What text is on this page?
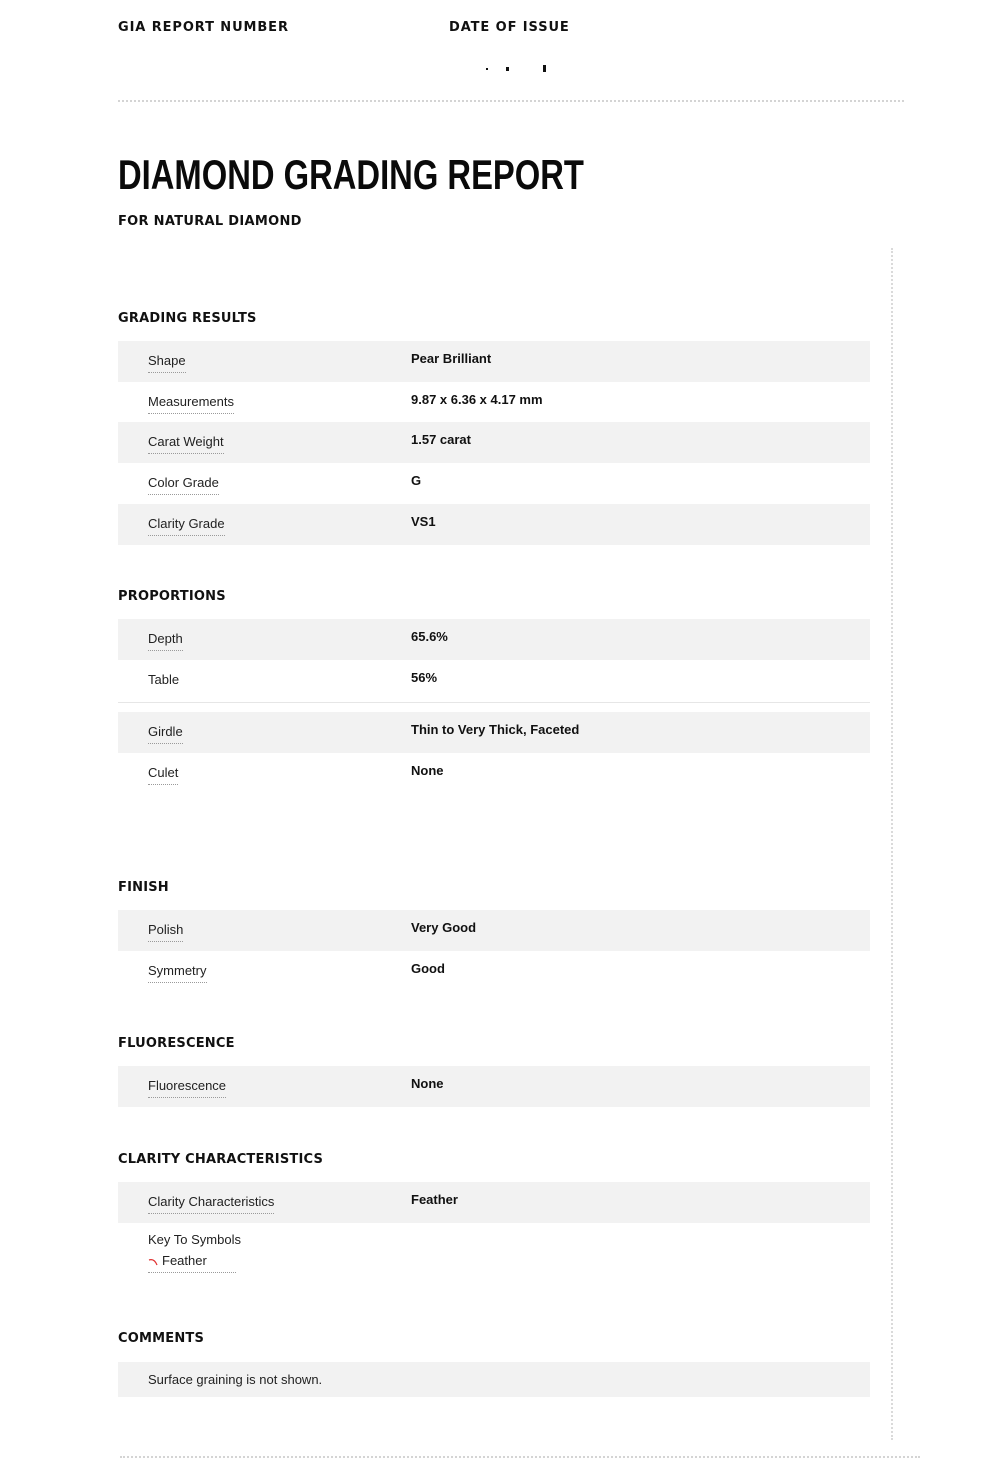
GIA REPORT NUMBER	DATE OF ISSUE

DIAMOND GRADING REPORT
FOR NATURAL DIAMOND
GRADING RESULTS
Shape	Pear Brilliant
Measurements	9.87 x 6.36 x 4.17 mm
Carat Weight	1.57 carat
Color Grade	G
Clarity Grade	VS1
PROPORTIONS
Depth	65.6%
Table	56%
Girdle	Thin to Very Thick, Faceted
Culet	None
FINISH
Polish	Very Good
Symmetry	Good
FLUORESCENCE
Fluorescence	None
CLARITY CHARACTERISTICS
Clarity Characteristics	Feather
Key To Symbols
Feather
COMMENTS
Surface graining is not shown.
